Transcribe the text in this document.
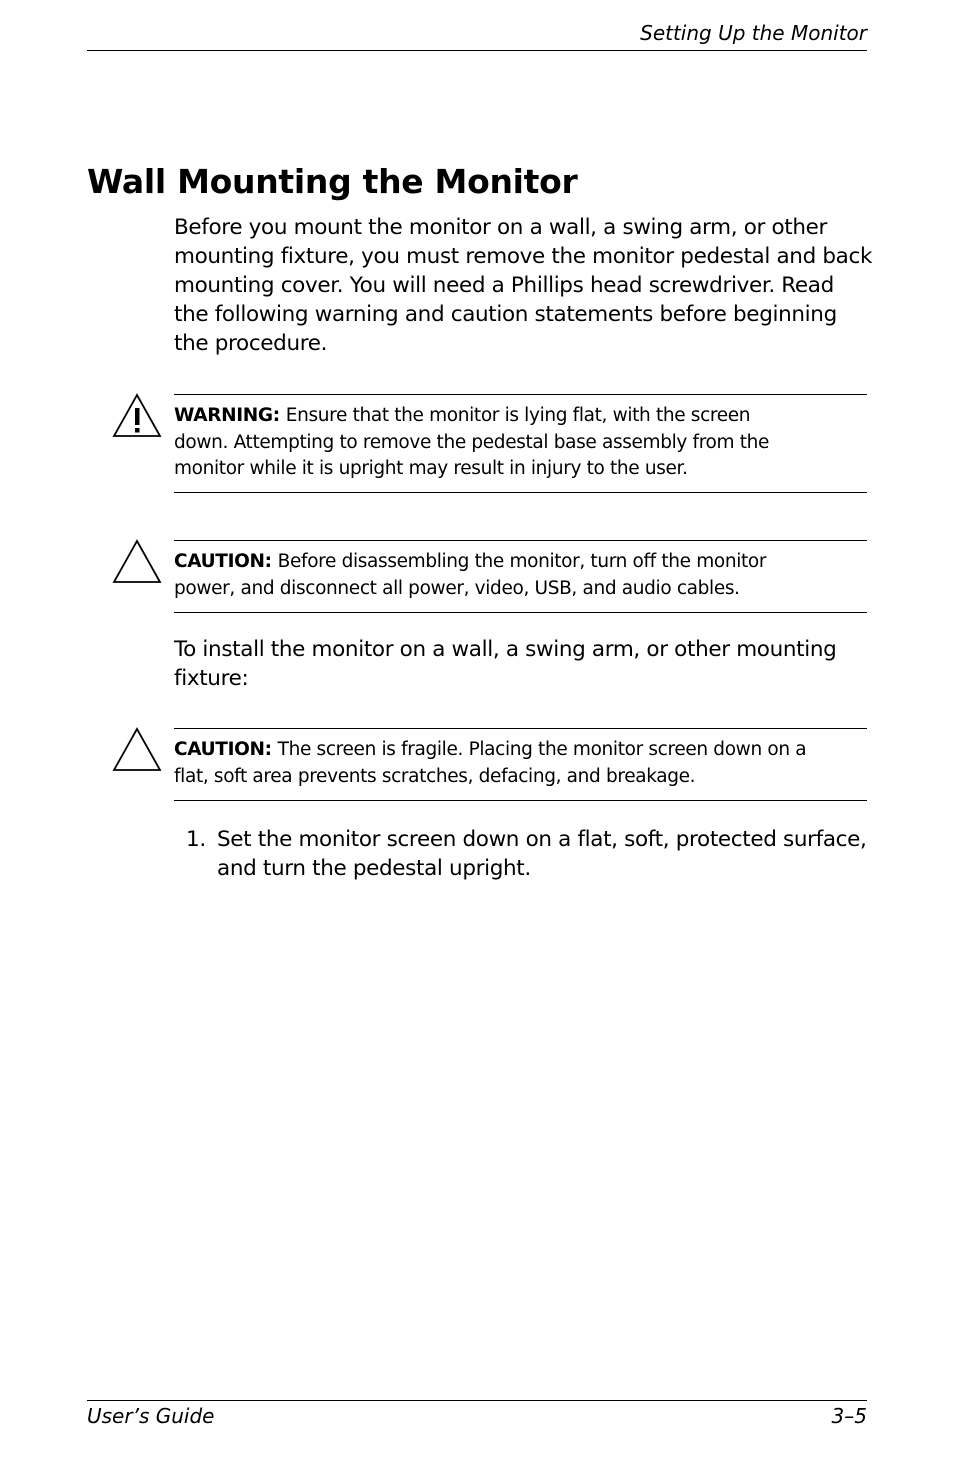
Setting Up the Monitor
Wall Mounting the Monitor

Before you mount the monitor on a wall, a swing arm, or other mounting fixture, you must remove the monitor pedestal and back mounting cover. You will need a Phillips head screwdriver. Read the following warning and caution statements before beginning the procedure.

WARNING: Ensure that the monitor is lying flat, with the screen down. Attempting to remove the pedestal base assembly from the monitor while it is upright may result in injury to the user.

CAUTION: Before disassembling the monitor, turn off the monitor power, and disconnect all power, video, USB, and audio cables.

To install the monitor on a wall, a swing arm, or other mounting fixture:

CAUTION: The screen is fragile. Placing the monitor screen down on a flat, soft area prevents scratches, defacing, and breakage.

1. Set the monitor screen down on a flat, soft, protected surface, and turn the pedestal upright.
User’s Guide	3–5
